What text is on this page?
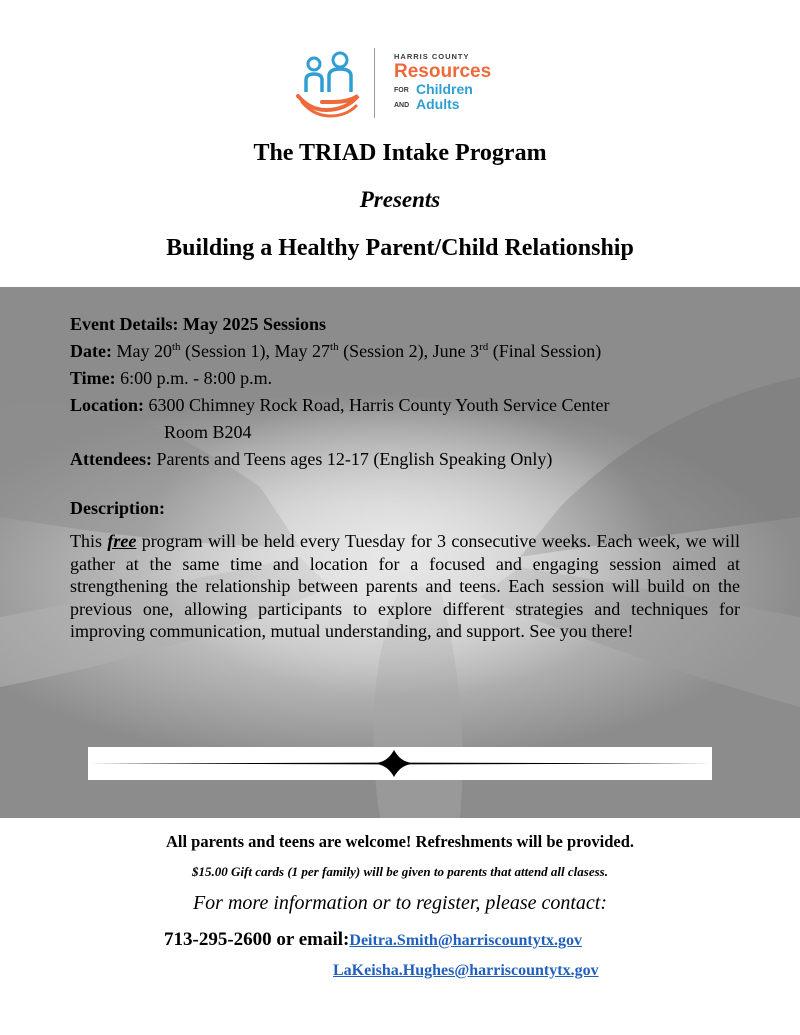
HARRIS COUNTY
Resources
FOR Children
AND Adults
The TRIAD Intake Program
Presents
Building a Healthy Parent/Child Relationship
Event Details: May 2025 Sessions
Date: May 20th (Session 1), May 27th (Session 2), June 3rd (Final Session)
Time: 6:00 p.m. - 8:00 p.m.
Location: 6300 Chimney Rock Road, Harris County Youth Service Center
Room B204
Attendees: Parents and Teens ages 12-17 (English Speaking Only)
Description:
This free program will be held every Tuesday for 3 consecutive weeks. Each week, we will gather at the same time and location for a focused and engaging session aimed at strengthening the relationship between parents and teens. Each session will build on the previous one, allowing participants to explore different strategies and techniques for improving communication, mutual understanding, and support. See you there!
All parents and teens are welcome! Refreshments will be provided.
$15.00 Gift cards (1 per family) will be given to parents that attend all clasess.
For more information or to register, please contact:
713-295-2600 or email:Deitra.Smith@harriscountytx.gov
LaKeisha.Hughes@harriscountytx.gov
